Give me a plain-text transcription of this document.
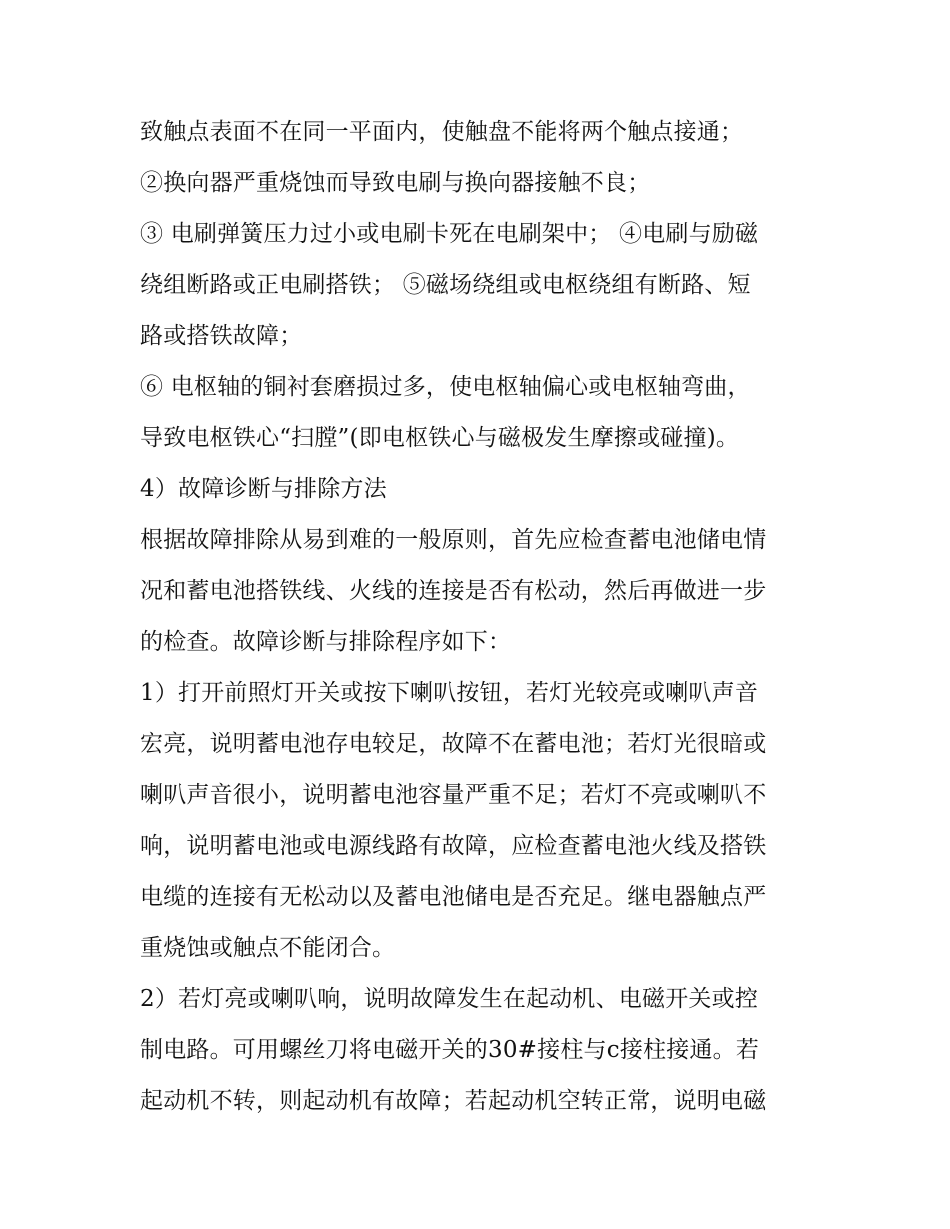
致触点表面不在同一平面内，使触盘不能将两个触点接通；
②换向器严重烧蚀而导致电刷与换向器接触不良；
③ 电刷弹簧压力过小或电刷卡死在电刷架中； ④电刷与励磁
绕组断路或正电刷搭铁； ⑤磁场绕组或电枢绕组有断路、短
路或搭铁故障；
⑥ 电枢轴的铜衬套磨损过多，使电枢轴偏心或电枢轴弯曲，
导致电枢铁心“扫膛”(即电枢铁心与磁极发生摩擦或碰撞)。
4）故障诊断与排除方法
根据故障排除从易到难的一般原则，首先应检查蓄电池储电情
况和蓄电池搭铁线、火线的连接是否有松动，然后再做进一步
的检查。故障诊断与排除程序如下：
1）打开前照灯开关或按下喇叭按钮，若灯光较亮或喇叭声音
宏亮，说明蓄电池存电较足，故障不在蓄电池；若灯光很暗或
喇叭声音很小，说明蓄电池容量严重不足；若灯不亮或喇叭不
响，说明蓄电池或电源线路有故障，应检查蓄电池火线及搭铁
电缆的连接有无松动以及蓄电池储电是否充足。继电器触点严
重烧蚀或触点不能闭合。
2）若灯亮或喇叭响，说明故障发生在起动机、电磁开关或控
制电路。可用螺丝刀将电磁开关的30#接柱与c接柱接通。若
起动机不转，则起动机有故障；若起动机空转正常，说明电磁
